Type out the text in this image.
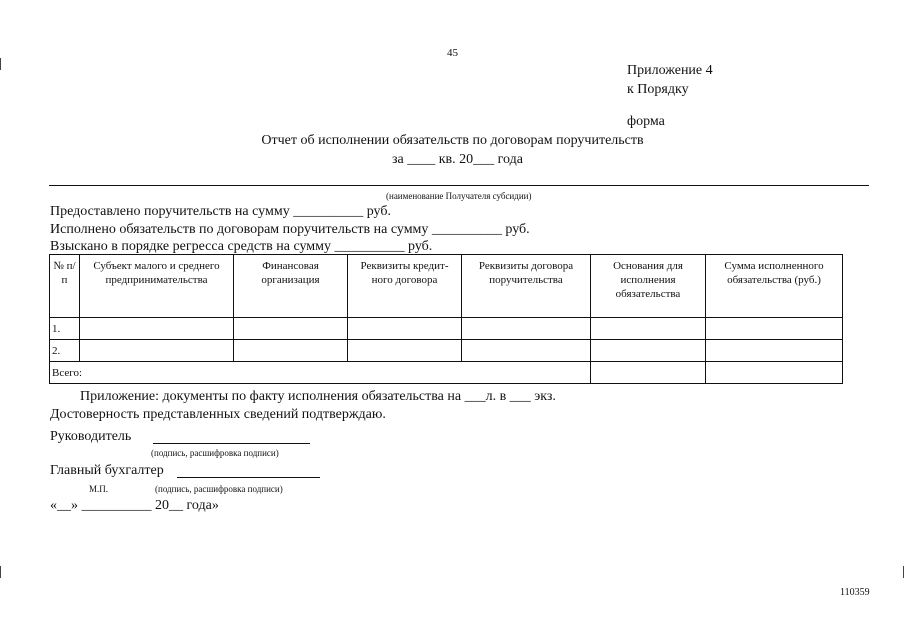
45
Приложение 4
к Порядку
форма
Отчет об исполнении обязательств по договорам поручительств
за ____ кв. 20___ года
(наименование Получателя субсидии)
Предоставлено поручительств на сумму __________ руб.
Исполнено обязательств по договорам поручительств на сумму __________ руб.
Взыскано в порядке регресса средств на сумму __________ руб.
№ п/п	Субъект малого и среднего предпринимательства	Финансовая организация	Реквизиты кредит-ного договора	Реквизиты договора поручительства	Основания для исполнения обязательства	Сумма исполненного обязательства (руб.)
1.						
2.						
Всего:						
Приложение: документы по факту исполнения обязательства на ___л. в ___ экз.
Достоверность представленных сведений подтверждаю.
Руководитель
(подпись, расшифровка подписи)
Главный бухгалтер
М.П.	(подпись, расшифровка подписи)
«__» __________ 20__ года»
110359
